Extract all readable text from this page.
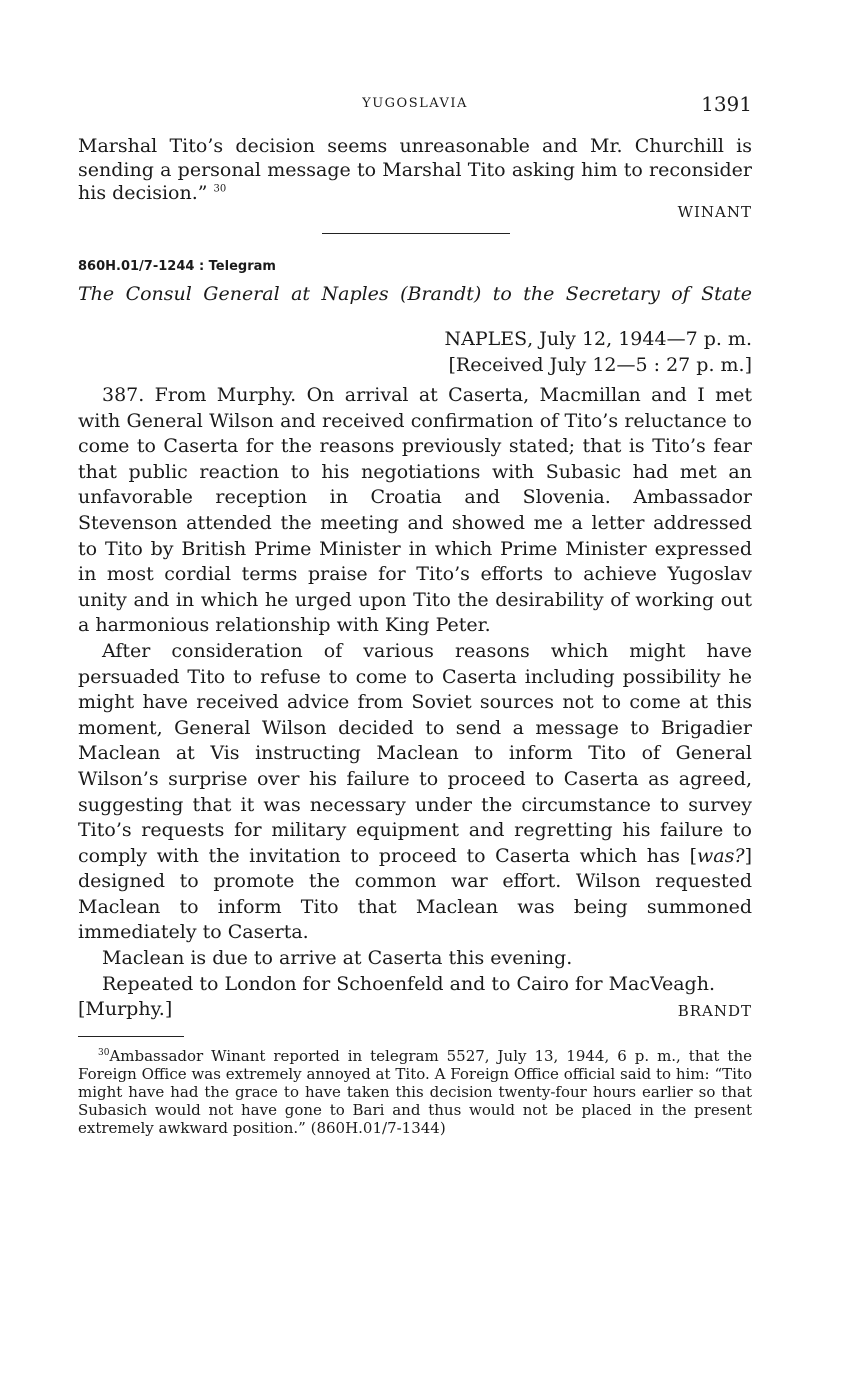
YUGOSLAVIA	1391

Marshal Tito’s decision seems unreasonable and Mr. Churchill is sending a personal message to Marshal Tito asking him to reconsider his decision.” $^{30}$

WINANT
860H.01/7-1244 : Telegram
The Consul General at Naples (Brandt) to the Secretary of State
NAPLES, July 12, 1944—7 p. m.
[Received July 12—5 : 27 p. m.]

387. From Murphy. On arrival at Caserta, Macmillan and I met with General Wilson and received confirmation of Tito’s reluctance to come to Caserta for the reasons previously stated; that is Tito’s fear that public reaction to his negotiations with Subasic had met an unfavorable reception in Croatia and Slovenia. Ambassador Stevenson attended the meeting and showed me a letter addressed to Tito by British Prime Minister in which Prime Minister expressed in most cordial terms praise for Tito’s efforts to achieve Yugoslav unity and in which he urged upon Tito the desirability of working out a harmonious relationship with King Peter.

After consideration of various reasons which might have persuaded Tito to refuse to come to Caserta including possibility he might have received advice from Soviet sources not to come at this moment, General Wilson decided to send a message to Brigadier Maclean at Vis instructing Maclean to inform Tito of General Wilson’s surprise over his failure to proceed to Caserta as agreed, suggesting that it was necessary under the circumstance to survey Tito’s requests for military equipment and regretting his failure to comply with the invitation to proceed to Caserta which has [was?] designed to promote the common war effort. Wilson requested Maclean to inform Tito that Maclean was being summoned immediately to Caserta.

Maclean is due to arrive at Caserta this evening.

Repeated to London for Schoenfeld and to Cairo for MacVeagh.

[Murphy.]	BRANDT

$^{30}$Ambassador Winant reported in telegram 5527, July 13, 1944, 6 p. m., that the Foreign Office was extremely annoyed at Tito. A Foreign Office official said to him: “Tito might have had the grace to have taken this decision twenty-four hours earlier so that Subasich would not have gone to Bari and thus would not be placed in the present extremely awkward position.” (860H.01/7-1344)
